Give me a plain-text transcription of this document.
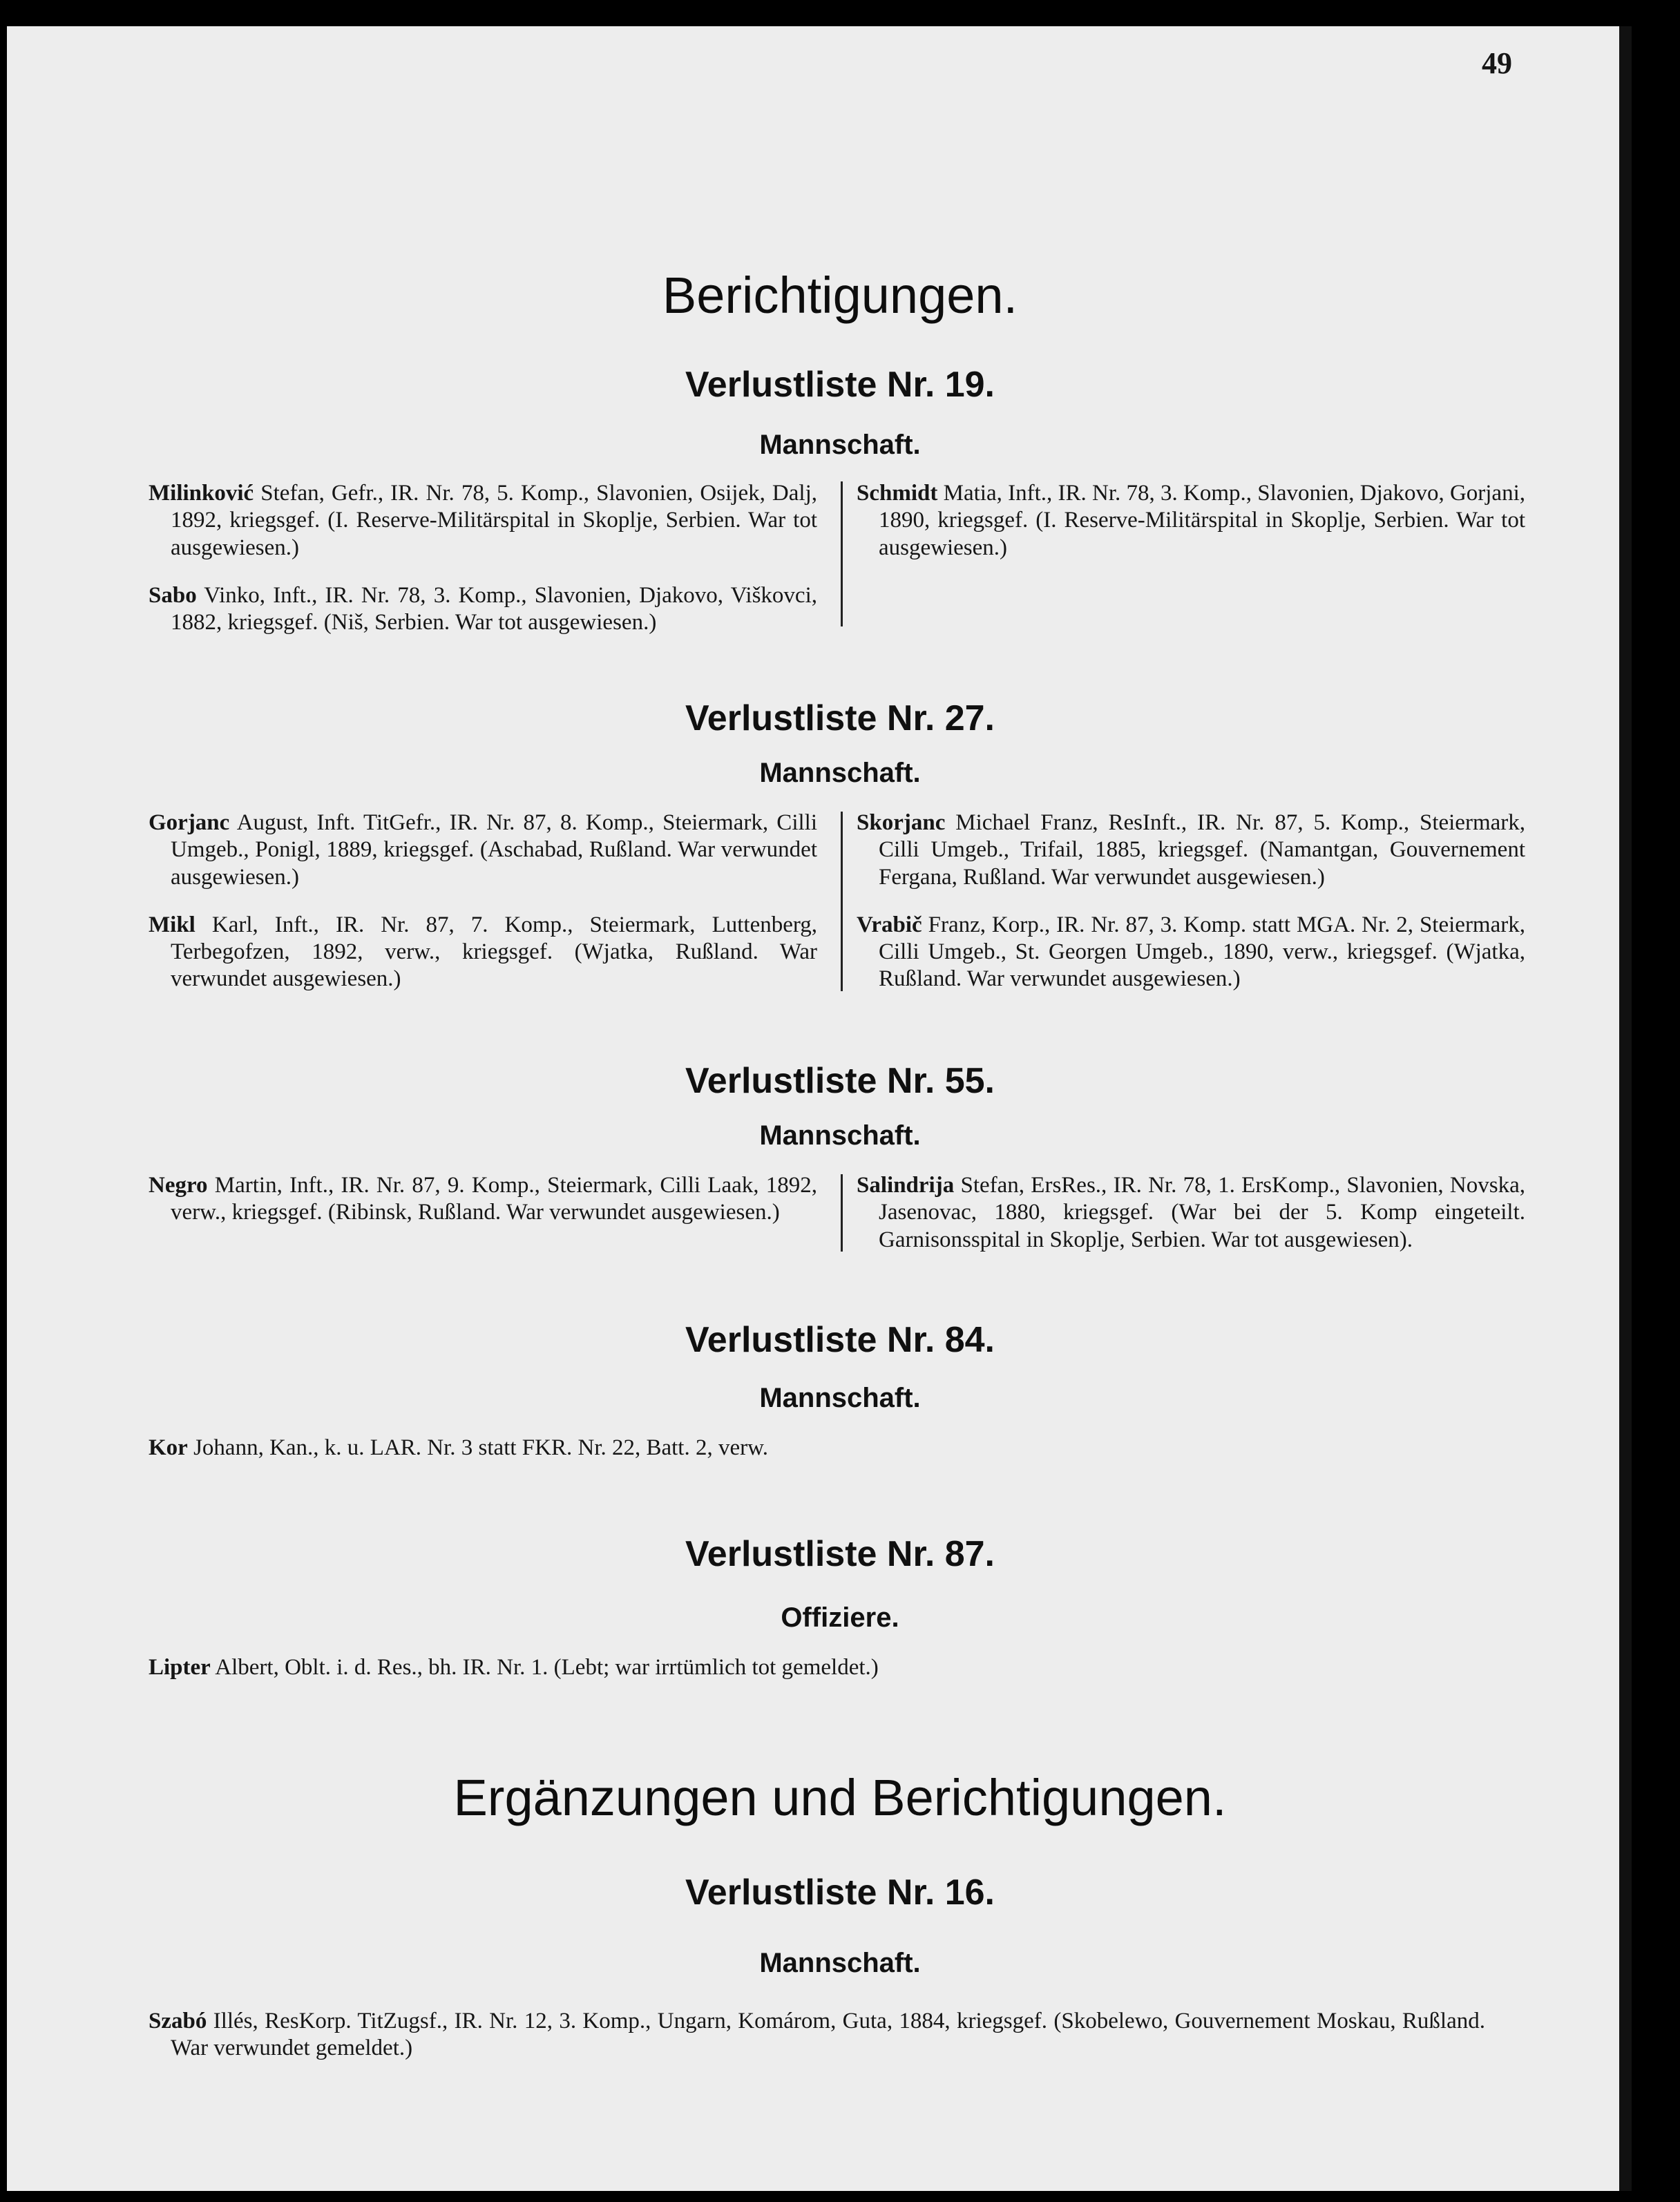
49
Berichtigungen.
Verlustliste Nr. 19.
Mannschaft.

Milinković Stefan, Gefr., IR. Nr. 78, 5. Komp., Slavonien, Osijek, Dalj, 1892, kriegsgef. (I. Reserve-Militärspital in Skoplje, Serbien. War tot ausgewiesen.)

Sabo Vinko, Inft., IR. Nr. 78, 3. Komp., Slavonien, Djakovo, Viškovci, 1882, kriegsgef. (Niš, Serbien. War tot ausgewiesen.)

Schmidt Matia, Inft., IR. Nr. 78, 3. Komp., Slavonien, Djakovo, Gorjani, 1890, kriegsgef. (I. Reserve-Militärspital in Skoplje, Serbien. War tot ausgewiesen.)

Verlustliste Nr. 27.
Mannschaft.

Gorjanc August, Inft. TitGefr., IR. Nr. 87, 8. Komp., Steiermark, Cilli Umgeb., Ponigl, 1889, kriegsgef. (Aschabad, Rußland. War verwundet ausgewiesen.)

Mikl Karl, Inft., IR. Nr. 87, 7. Komp., Steiermark, Luttenberg, Terbegofzen, 1892, verw., kriegsgef. (Wjatka, Rußland. War verwundet ausgewiesen.)

Skorjanc Michael Franz, ResInft., IR. Nr. 87, 5. Komp., Steiermark, Cilli Umgeb., Trifail, 1885, kriegsgef. (Namantgan, Gouvernement Fergana, Rußland. War verwundet ausgewiesen.)

Vrabič Franz, Korp., IR. Nr. 87, 3. Komp. statt MGA. Nr. 2, Steiermark, Cilli Umgeb., St. Georgen Umgeb., 1890, verw., kriegsgef. (Wjatka, Rußland. War verwundet ausgewiesen.)

Verlustliste Nr. 55.
Mannschaft.

Negro Martin, Inft., IR. Nr. 87, 9. Komp., Steiermark, Cilli Laak, 1892, verw., kriegsgef. (Ribinsk, Rußland. War verwundet ausgewiesen.)

Salindrija Stefan, ErsRes., IR. Nr. 78, 1. ErsKomp., Slavonien, Novska, Jasenovac, 1880, kriegsgef. (War bei der 5. Komp eingeteilt. Garnisonsspital in Skoplje, Serbien. War tot ausgewiesen).

Verlustliste Nr. 84.
Mannschaft.

Kor Johann, Kan., k. u. LAR. Nr. 3 statt FKR. Nr. 22, Batt. 2, verw.

Verlustliste Nr. 87.
Offiziere.

Lipter Albert, Oblt. i. d. Res., bh. IR. Nr. 1. (Lebt; war irrtümlich tot gemeldet.)

Ergänzungen und Berichtigungen.
Verlustliste Nr. 16.
Mannschaft.

Szabó Illés, ResKorp. TitZugsf., IR. Nr. 12, 3. Komp., Ungarn, Komárom, Guta, 1884, kriegsgef. (Skobelewo, Gouvernement Moskau, Rußland. War verwundet gemeldet.)
